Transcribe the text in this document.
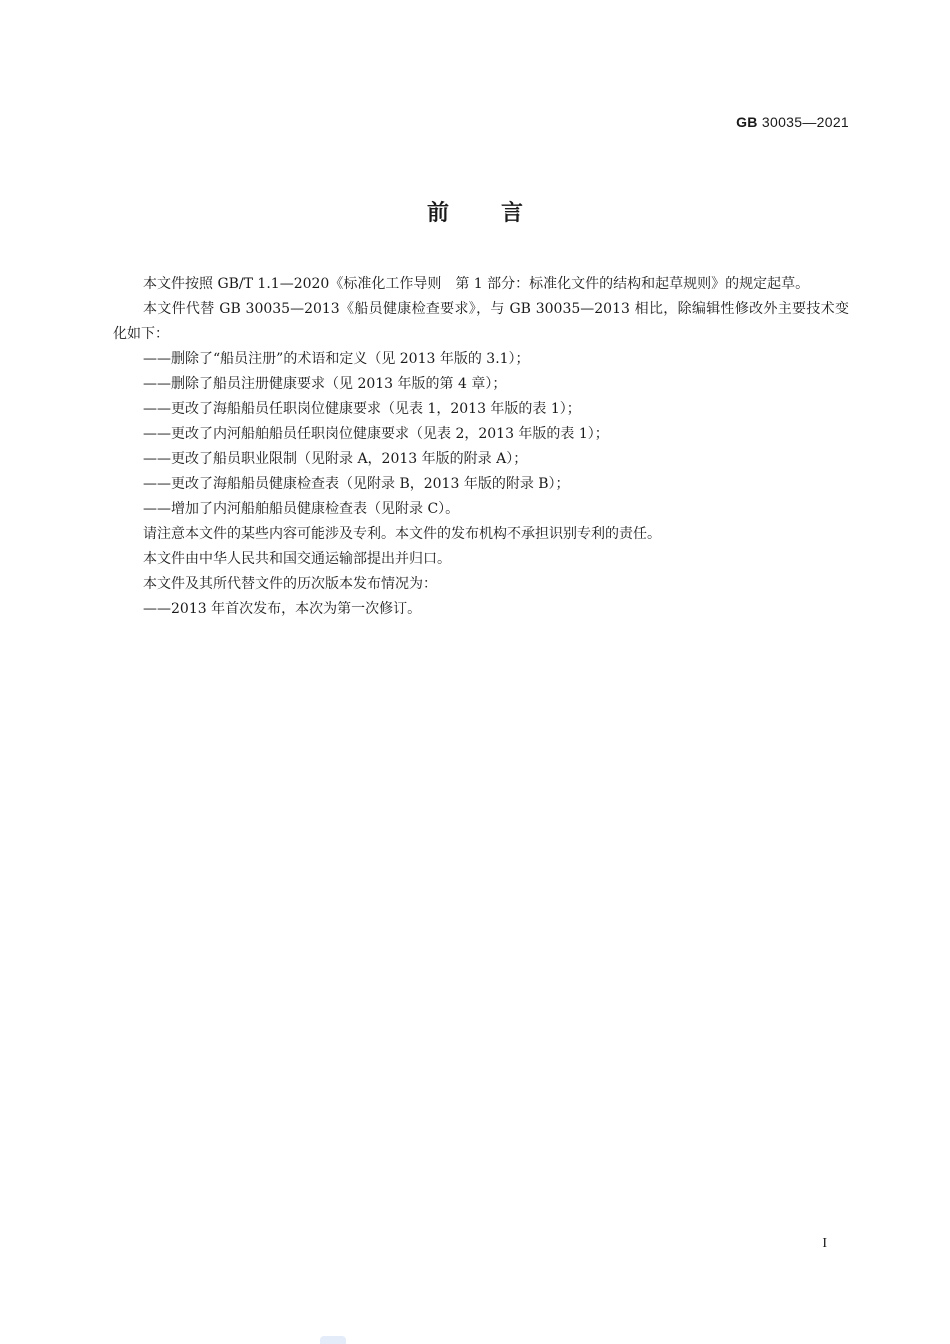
GB 30035—2021
前言

本文件按照 GB/T 1.1—2020《标准化工作导则　第 1 部分：标准化文件的结构和起草规则》的规定起草。

本文件代替 GB 30035—2013《船员健康检查要求》，与 GB 30035—2013 相比，除编辑性修改外主要技术变化如下：

——删除了“船员注册”的术语和定义（见 2013 年版的 3.1）；

——删除了船员注册健康要求（见 2013 年版的第 4 章）；

——更改了海船船员任职岗位健康要求（见表 1，2013 年版的表 1）；

——更改了内河船舶船员任职岗位健康要求（见表 2，2013 年版的表 1）；

——更改了船员职业限制（见附录 A，2013 年版的附录 A）；

——更改了海船船员健康检查表（见附录 B，2013 年版的附录 B）；

——增加了内河船舶船员健康检查表（见附录 C）。

请注意本文件的某些内容可能涉及专利。本文件的发布机构不承担识别专利的责任。

本文件由中华人民共和国交通运输部提出并归口。

本文件及其所代替文件的历次版本发布情况为：

——2013 年首次发布，本次为第一次修订。

I
